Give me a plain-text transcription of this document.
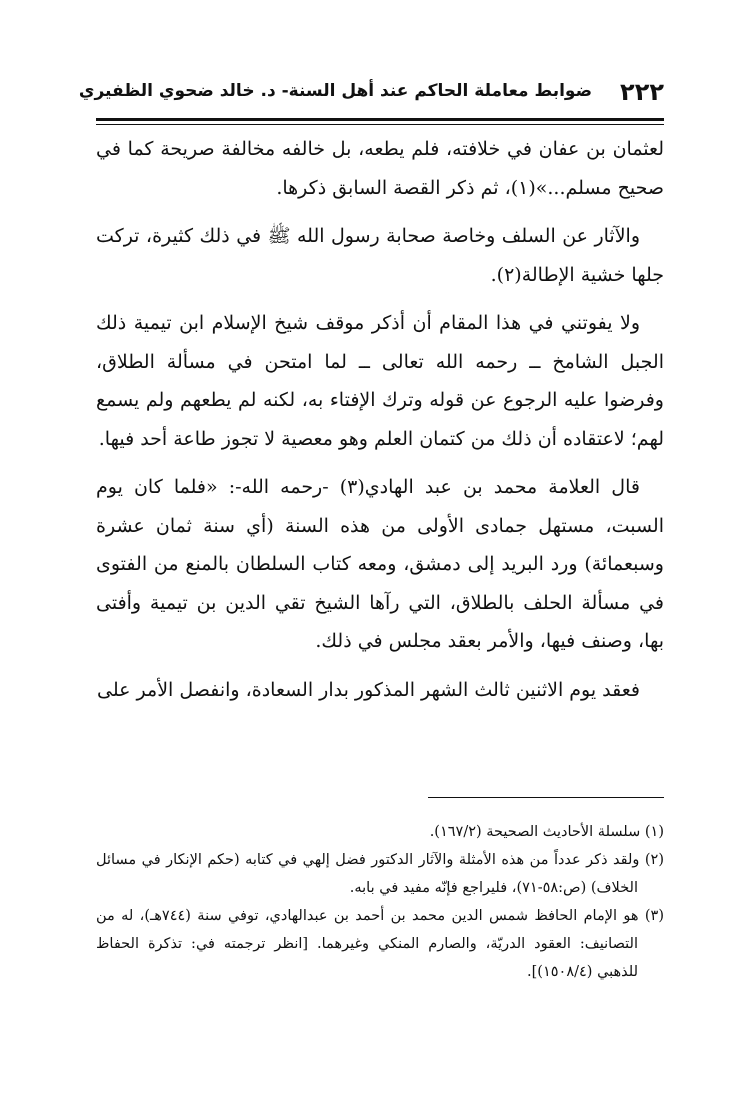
٢٢٢
ضوابط معاملة الحاكم عند أهل السنة- د. خالد ضحوي الظفيري

لعثمان بن عفان في خلافته، فلم يطعه، بل خالفه مخالفة صريحة كما في صحيح مسلم...»(١)، ثم ذكر القصة السابق ذكرها.

والآثار عن السلف وخاصة صحابة رسول الله ﷺ في ذلك كثيرة، تركت جلها خشية الإطالة(٢).

ولا يفوتني في هذا المقام أن أذكر موقف شيخ الإسلام ابن تيمية ذلك الجبل الشامخ ــ رحمه الله تعالى ــ لما امتحن في مسألة الطلاق، وفرضوا عليه الرجوع عن قوله وترك الإفتاء به، لكنه لم يطعهم ولم يسمع لهم؛ لاعتقاده أن ذلك من كتمان العلم وهو معصية لا تجوز طاعة أحد فيها.

قال العلامة محمد بن عبد الهادي(٣) -رحمه الله-: «فلما كان يوم السبت، مستهل جمادى الأولى من هذه السنة (أي سنة ثمان عشرة وسبعمائة) ورد البريد إلى دمشق، ومعه كتاب السلطان بالمنع من الفتوى في مسألة الحلف بالطلاق، التي رآها الشيخ تقي الدين بن تيمية وأفتى بها، وصنف فيها، والأمر بعقد مجلس في ذلك.

فعقد يوم الاثنين ثالث الشهر المذكور بدار السعادة، وانفصل الأمر على

(١) سلسلة الأحاديث الصحيحة (١٦٧/٢).

(٢) ولقد ذكر عدداً من هذه الأمثلة والآثار الدكتور فضل إلهي في كتابه (حكم الإنكار في مسائل الخلاف) (ص:٥٨-٧١)، فليراجع فإنّه مفيد في بابه.

(٣) هو الإمام الحافظ شمس الدين محمد بن أحمد بن عبدالهادي، توفي سنة (٧٤٤هـ)، له من التصانيف: العقود الدريّة، والصارم المنكي وغيرهما. [انظر ترجمته في: تذكرة الحفاظ للذهبي (١٥٠٨/٤)].
